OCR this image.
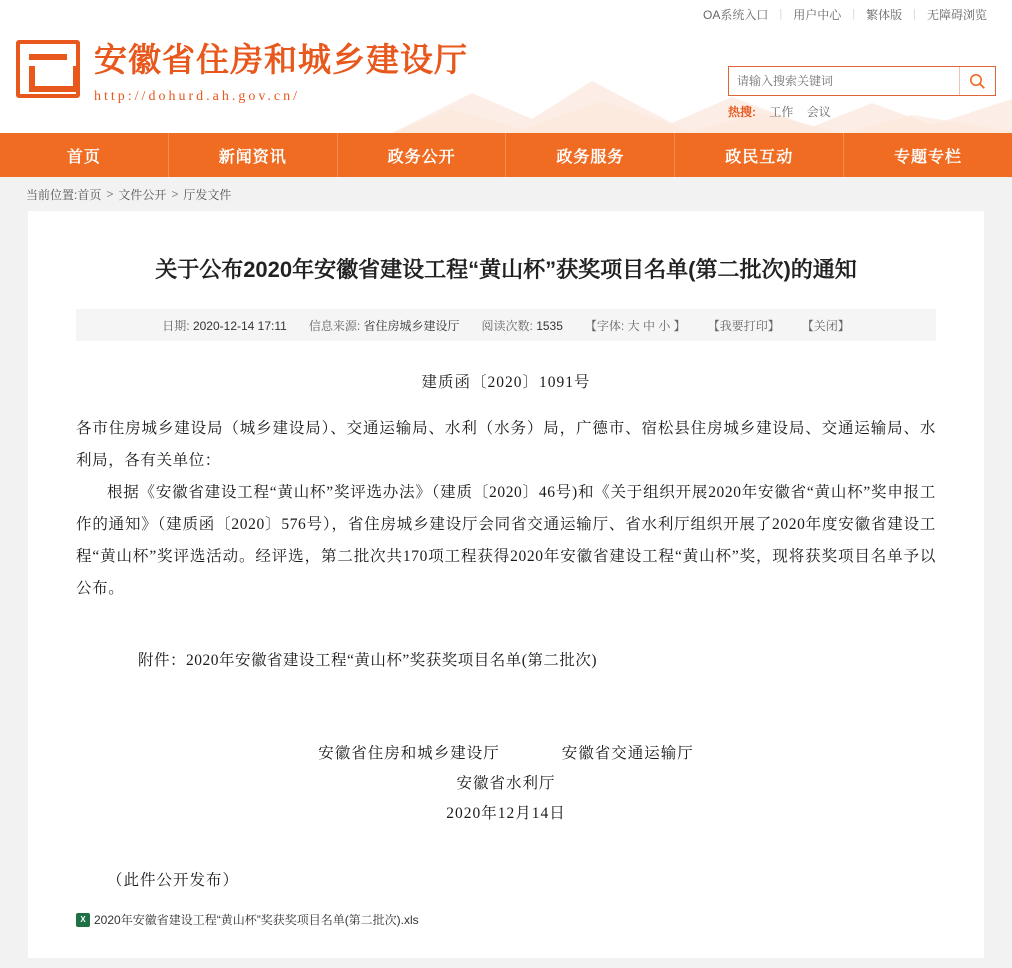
OA系统入口	| 用户中心	| 繁体版	| 无障碍浏览
安徽省住房和城乡建设厅
http://dohurd.ah.gov.cn/
请输入搜索关键词
热搜: 工作 会议
首页	新闻资讯	政务公开	政务服务	政民互动	专题专栏
当前位置: 首页 > 文件公开 > 厅发文件
关于公布2020年安徽省建设工程“黄山杯”获奖项目名单(第二批次)的通知
日期: 2020-12-14 17:11 信息来源: 省住房城乡建设厅 阅读次数: 1535 【字体: 大 中 小 】 【我要打印】 【关闭】
建质函〔2020〕1091号
各市住房城乡建设局（城乡建设局）、交通运输局、水利（水务）局，广德市、宿松县住房城乡建设局、交通运输局、水利局，各有关单位：
根据《安徽省建设工程“黄山杯”奖评选办法》（建质〔2020〕46号)和《关于组织开展2020年安徽省“黄山杯”奖申报工作的通知》（建质函〔2020〕576号），省住房城乡建设厅会同省交通运输厅、省水利厅组织开展了2020年度安徽省建设工程“黄山杯”奖评选活动。经评选，第二批次共170项工程获得2020年安徽省建设工程“黄山杯”奖，现将获奖项目名单予以公布。
附件：2020年安徽省建设工程“黄山杯”奖获奖项目名单(第二批次)
安徽省住房和城乡建设厅	安徽省交通运输厅
安徽省水利厅
2020年12月14日
（此件公开发布）
X 2020年安徽省建设工程“黄山杯”奖获奖项目名单(第二批次).xls
